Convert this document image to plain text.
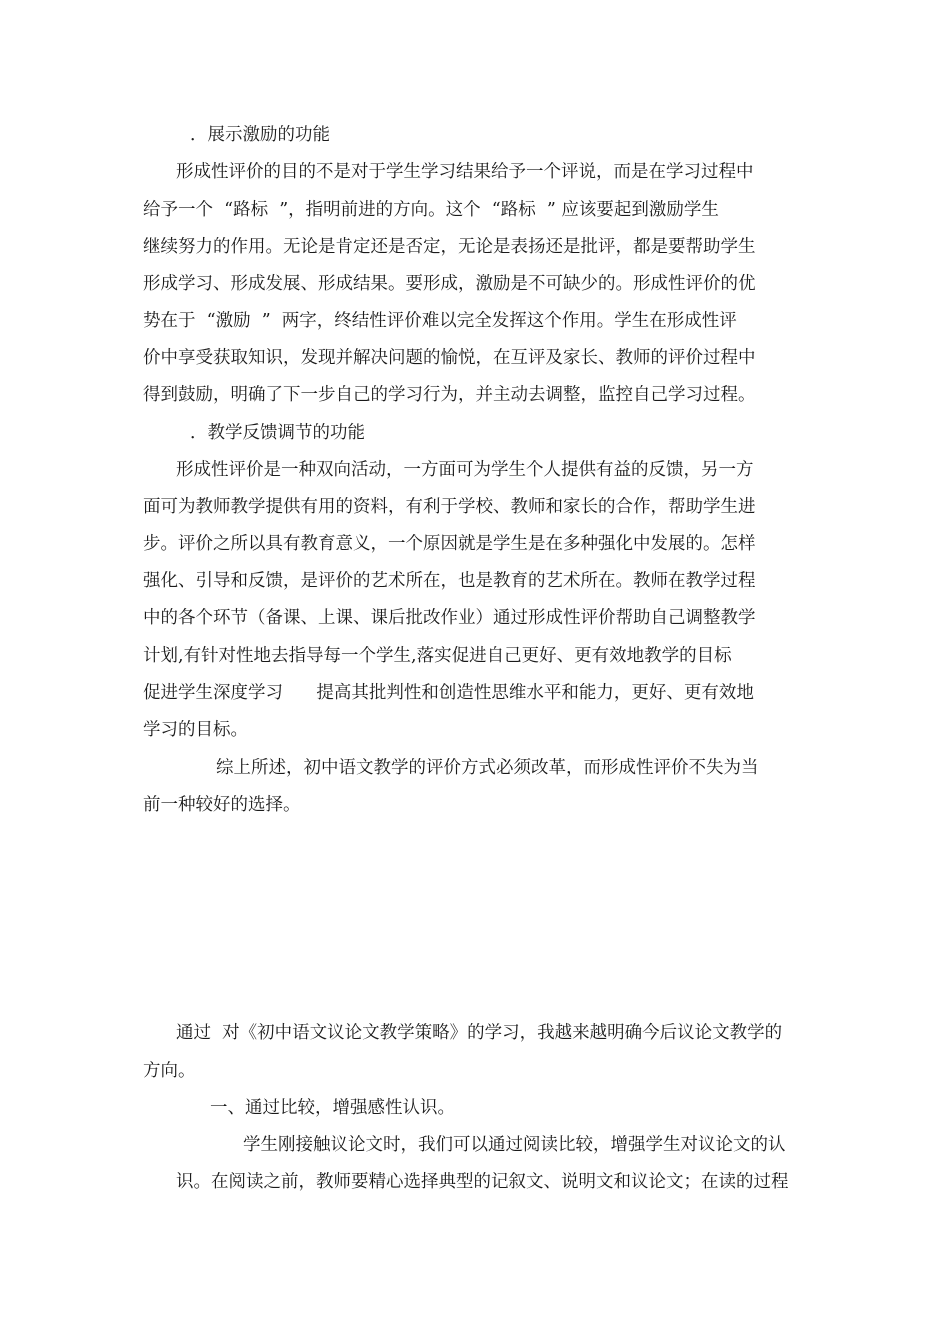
．展示激励的功能
形成性评价的目的不是对于学生学习结果给予一个评说，而是在学习过程中
给予一个  “路标  ”，指明前进的方向。这个  “路标  ” 应该要起到激励学生
继续努力的作用。无论是肯定还是否定，无论是表扬还是批评，都是要帮助学生
形成学习、形成发展、形成结果。要形成，激励是不可缺少的。形成性评价的优
势在于  “激励  ”  两字，终结性评价难以完全发挥这个作用。学生在形成性评
价中享受获取知识，发现并解决问题的愉悦，在互评及家长、教师的评价过程中
得到鼓励，明确了下一步自己的学习行为，并主动去调整，监控自己学习过程。
．教学反馈调节的功能
形成性评价是一种双向活动，一方面可为学生个人提供有益的反馈，另一方
面可为教师教学提供有用的资料，有利于学校、教师和家长的合作，帮助学生进
步。评价之所以具有教育意义，一个原因就是学生是在多种强化中发展的。怎样
强化、引导和反馈，是评价的艺术所在，也是教育的艺术所在。教师在教学过程
中的各个环节（备课、上课、课后批改作业）通过形成性评价帮助自己调整教学
计划,有针对性地去指导每一个学生,落实促进自己更好、更有效地教学的目标
促进学生深度学习      提高其批判性和创造性思维水平和能力，更好、更有效地
学习的目标。
综上所述，初中语文教学的评价方式必须改革，而形成性评价不失为当
前一种较好的选择。
通过  对《初中语文议论文教学策略》的学习，我越来越明确今后议论文教学的
方向。
一、通过比较，增强感性认识。
学生刚接触议论文时，我们可以通过阅读比较，增强学生对议论文的认
识。在阅读之前，教师要精心选择典型的记叙文、说明文和议论文；在读的过程
